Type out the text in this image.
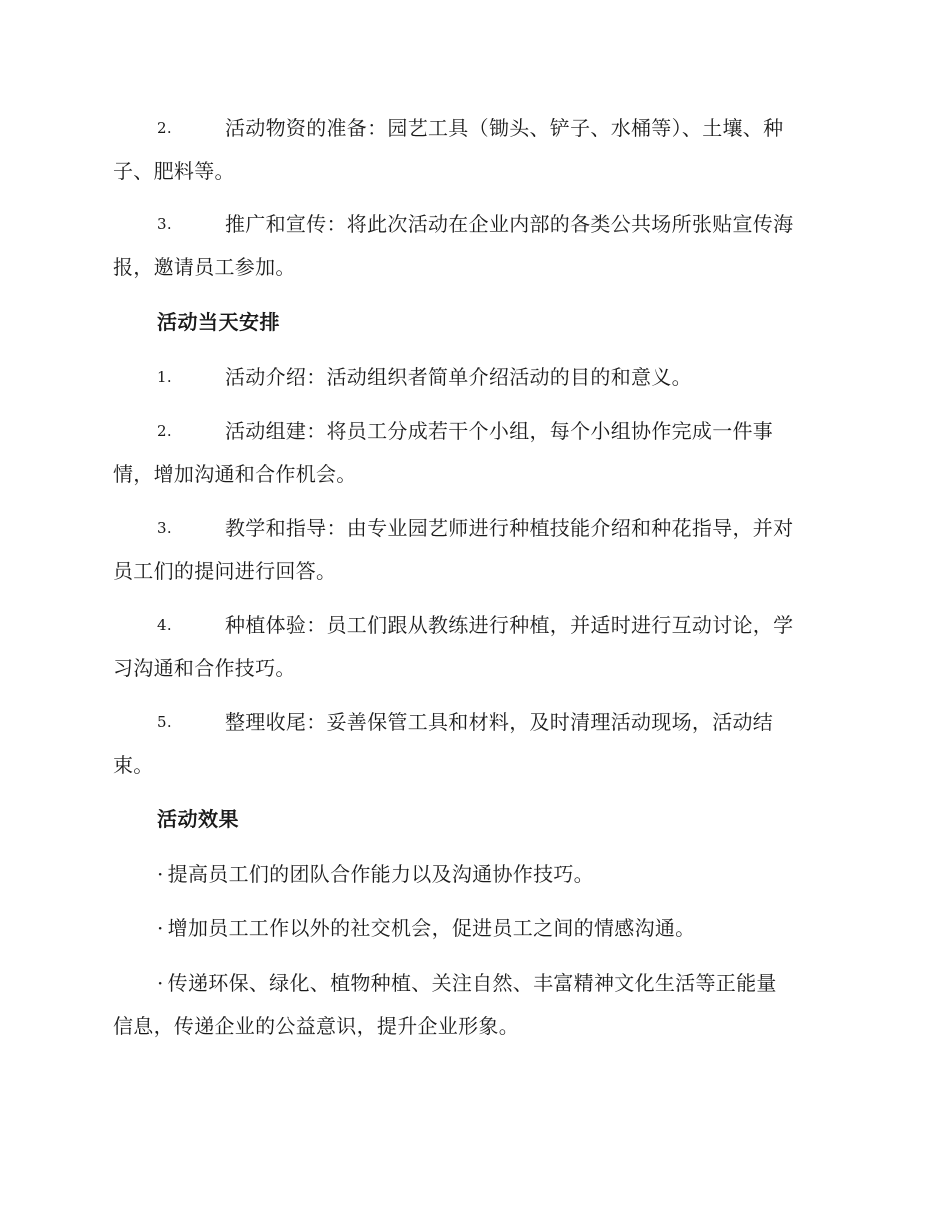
2.	活动物资的准备：园艺工具（锄头、铲子、水桶等）、土壤、种
子、肥料等。
3.	推广和宣传：将此次活动在企业内部的各类公共场所张贴宣传海
报，邀请员工参加。
活动当天安排
1.	活动介绍：活动组织者简单介绍活动的目的和意义。
2.	活动组建：将员工分成若干个小组，每个小组协作完成一件事
情，增加沟通和合作机会。
3.	教学和指导：由专业园艺师进行种植技能介绍和种花指导，并对
员工们的提问进行回答。
4.	种植体验：员工们跟从教练进行种植，并适时进行互动讨论，学
习沟通和合作技巧。
5.	整理收尾：妥善保管工具和材料，及时清理活动现场，活动结
束。
活动效果
· 提高员工们的团队合作能力以及沟通协作技巧。
· 增加员工工作以外的社交机会，促进员工之间的情感沟通。
· 传递环保、绿化、植物种植、关注自然、丰富精神文化生活等正能量
信息，传递企业的公益意识，提升企业形象。
